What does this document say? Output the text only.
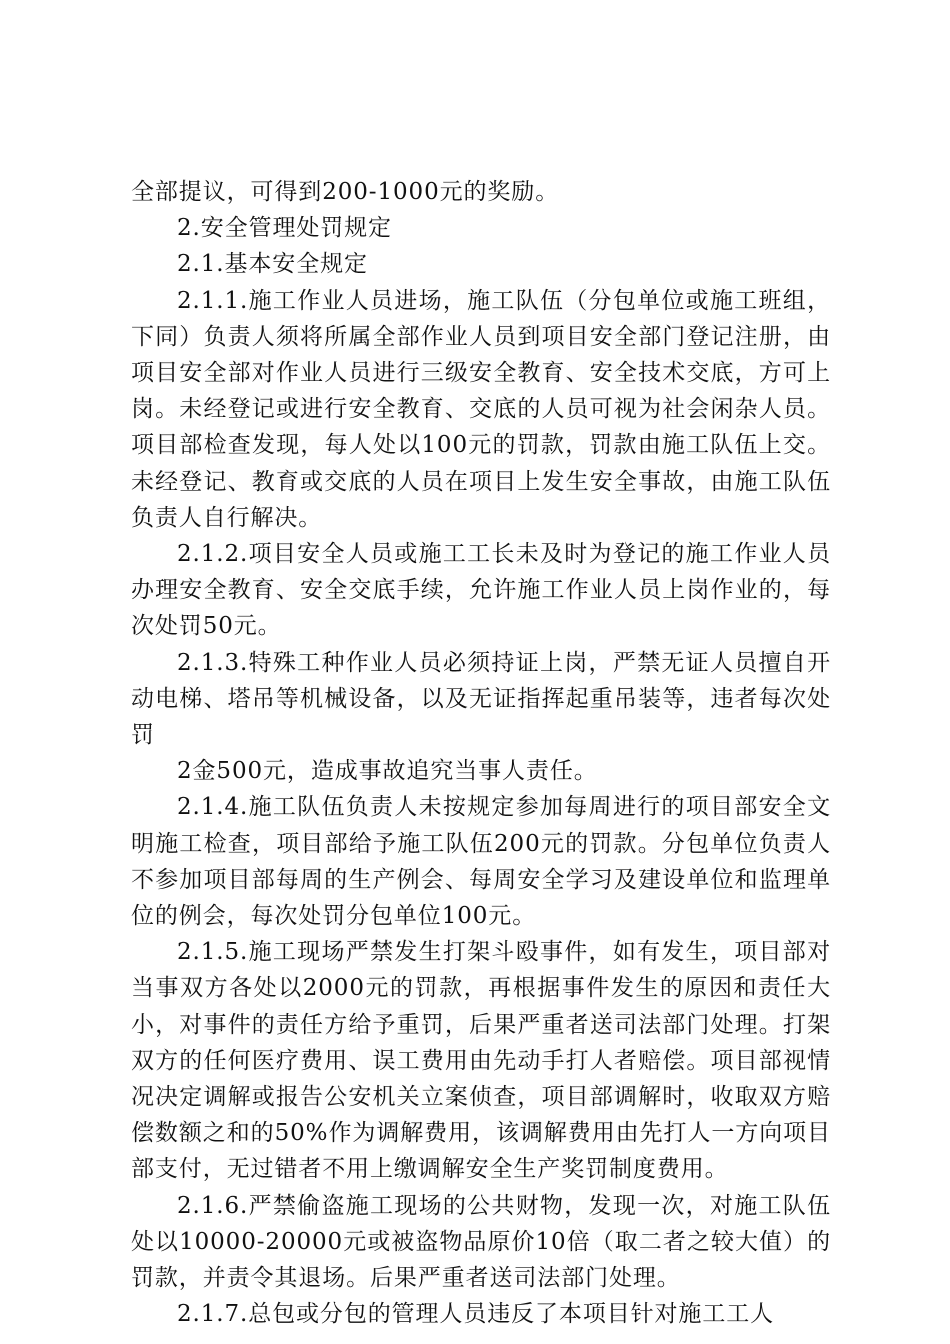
全部提议，可得到200-1000元的奖励。

2.安全管理处罚规定

2.1.基本安全规定

2.1.1.施工作业人员进场，施工队伍（分包单位或施工班组，下同）负责人须将所属全部作业人员到项目安全部门登记注册，由项目安全部对作业人员进行三级安全教育、安全技术交底，方可上岗。未经登记或进行安全教育、交底的人员可视为社会闲杂人员。项目部检查发现，每人处以100元的罚款，罚款由施工队伍上交。未经登记、教育或交底的人员在项目上发生安全事故，由施工队伍负责人自行解决。

2.1.2.项目安全人员或施工工长未及时为登记的施工作业人员办理安全教育、安全交底手续，允许施工作业人员上岗作业的，每次处罚50元。

2.1.3.特殊工种作业人员必须持证上岗，严禁无证人员擅自开动电梯、塔吊等机械设备，以及无证指挥起重吊装等，违者每次处罚

2金500元，造成事故追究当事人责任。

2.1.4.施工队伍负责人未按规定参加每周进行的项目部安全文明施工检查，项目部给予施工队伍200元的罚款。分包单位负责人不参加项目部每周的生产例会、每周安全学习及建设单位和监理单位的例会，每次处罚分包单位100元。

2.1.5.施工现场严禁发生打架斗殴事件，如有发生，项目部对当事双方各处以2000元的罚款，再根据事件发生的原因和责任大小，对事件的责任方给予重罚，后果严重者送司法部门处理。打架双方的任何医疗费用、误工费用由先动手打人者赔偿。项目部视情况决定调解或报告公安机关立案侦查，项目部调解时，收取双方赔偿数额之和的50%作为调解费用，该调解费用由先打人一方向项目部支付，无过错者不用上缴调解安全生产奖罚制度费用。

2.1.6.严禁偷盗施工现场的公共财物，发现一次，对施工队伍处以10000-20000元或被盗物品原价10倍（取二者之较大值）的罚款，并责令其退场。后果严重者送司法部门处理。

2.1.7.总包或分包的管理人员违反了本项目针对施工工人
